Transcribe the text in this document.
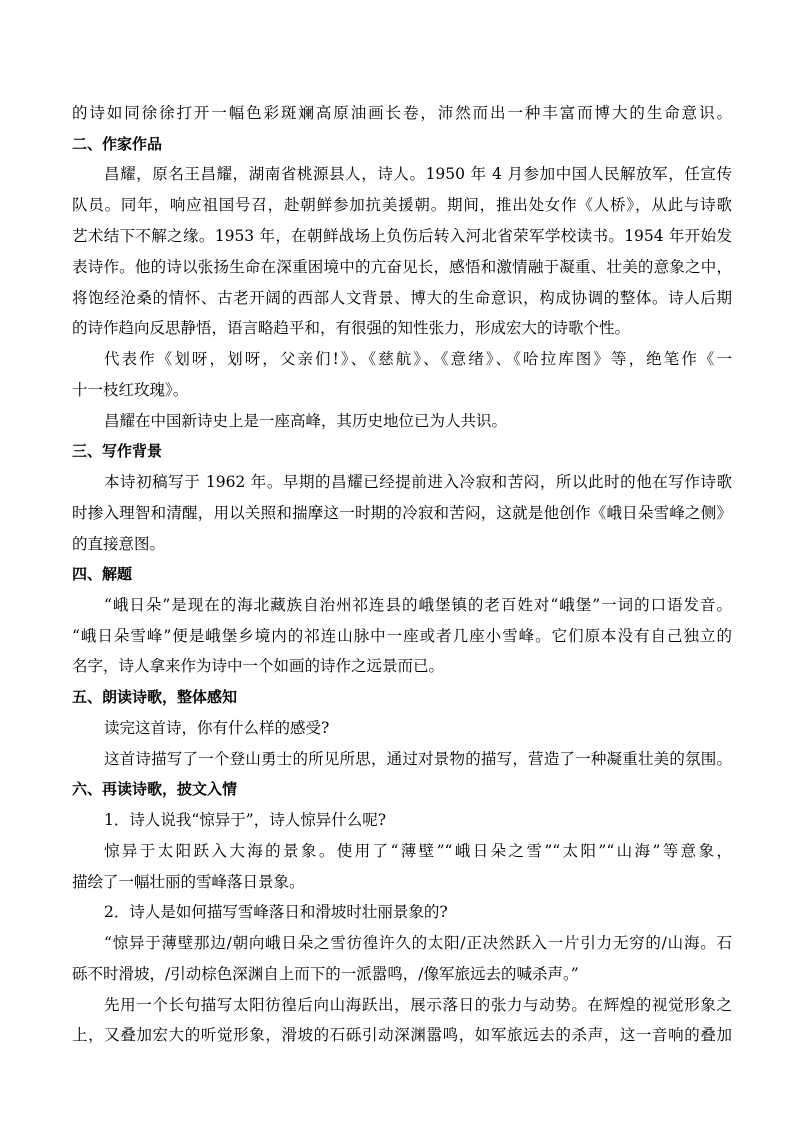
的诗如同徐徐打开一幅色彩斑斓高原油画长卷，沛然而出一种丰富而博大的生命意识。
二、作家作品
昌耀，原名王昌耀，湖南省桃源县人，诗人。1950 年 4 月参加中国人民解放军，任宣传
队员。同年，响应祖国号召，赴朝鲜参加抗美援朝。期间，推出处女作《人桥》，从此与诗歌
艺术结下不解之缘。1953 年，在朝鲜战场上负伤后转入河北省荣军学校读书。1954 年开始发
表诗作。他的诗以张扬生命在深重困境中的亢奋见长，感悟和激情融于凝重、壮美的意象之中，
将饱经沧桑的情怀、古老开阔的西部人文背景、博大的生命意识，构成协调的整体。诗人后期
的诗作趋向反思静悟，语言略趋平和，有很强的知性张力，形成宏大的诗歌个性。
代表作《划呀，划呀，父亲们!》、《慈航》、《意绪》、《哈拉库图》等，绝笔作《一
十一枝红玫瑰》。
昌耀在中国新诗史上是一座高峰，其历史地位已为人共识。
三、写作背景
本诗初稿写于 1962 年。早期的昌耀已经提前进入冷寂和苦闷，所以此时的他在写作诗歌
时掺入理智和清醒，用以关照和揣摩这一时期的冷寂和苦闷，这就是他创作《峨日朵雪峰之侧》
的直接意图。
四、解题
“峨日朵”是现在的海北藏族自治州祁连县的峨堡镇的老百姓对“峨堡”一词的口语发音。
“峨日朵雪峰”便是峨堡乡境内的祁连山脉中一座或者几座小雪峰。它们原本没有自己独立的
名字，诗人拿来作为诗中一个如画的诗作之远景而已。
五、朗读诗歌，整体感知
读完这首诗，你有什么样的感受?
这首诗描写了一个登山勇士的所见所思，通过对景物的描写，营造了一种凝重壮美的氛围。
六、再读诗歌，披文入情
1．诗人说我“惊异于”，诗人惊异什么呢?
惊异于太阳跃入大海的景象。使用了“薄壁”“峨日朵之雪”“太阳”“山海”等意象，
描绘了一幅壮丽的雪峰落日景象。
2．诗人是如何描写雪峰落日和滑坡时壮丽景象的?
“惊异于薄壁那边/朝向峨日朵之雪彷徨许久的太阳/正决然跃入一片引力无穷的/山海。石
砾不时滑坡，/引动棕色深渊自上而下的一派嚣鸣，/像军旅远去的喊杀声。”
先用一个长句描写太阳彷徨后向山海跃出，展示落日的张力与动势。在辉煌的视觉形象之
上，又叠加宏大的听觉形象，滑坡的石砾引动深渊嚣鸣，如军旅远去的杀声，这一音响的叠加
